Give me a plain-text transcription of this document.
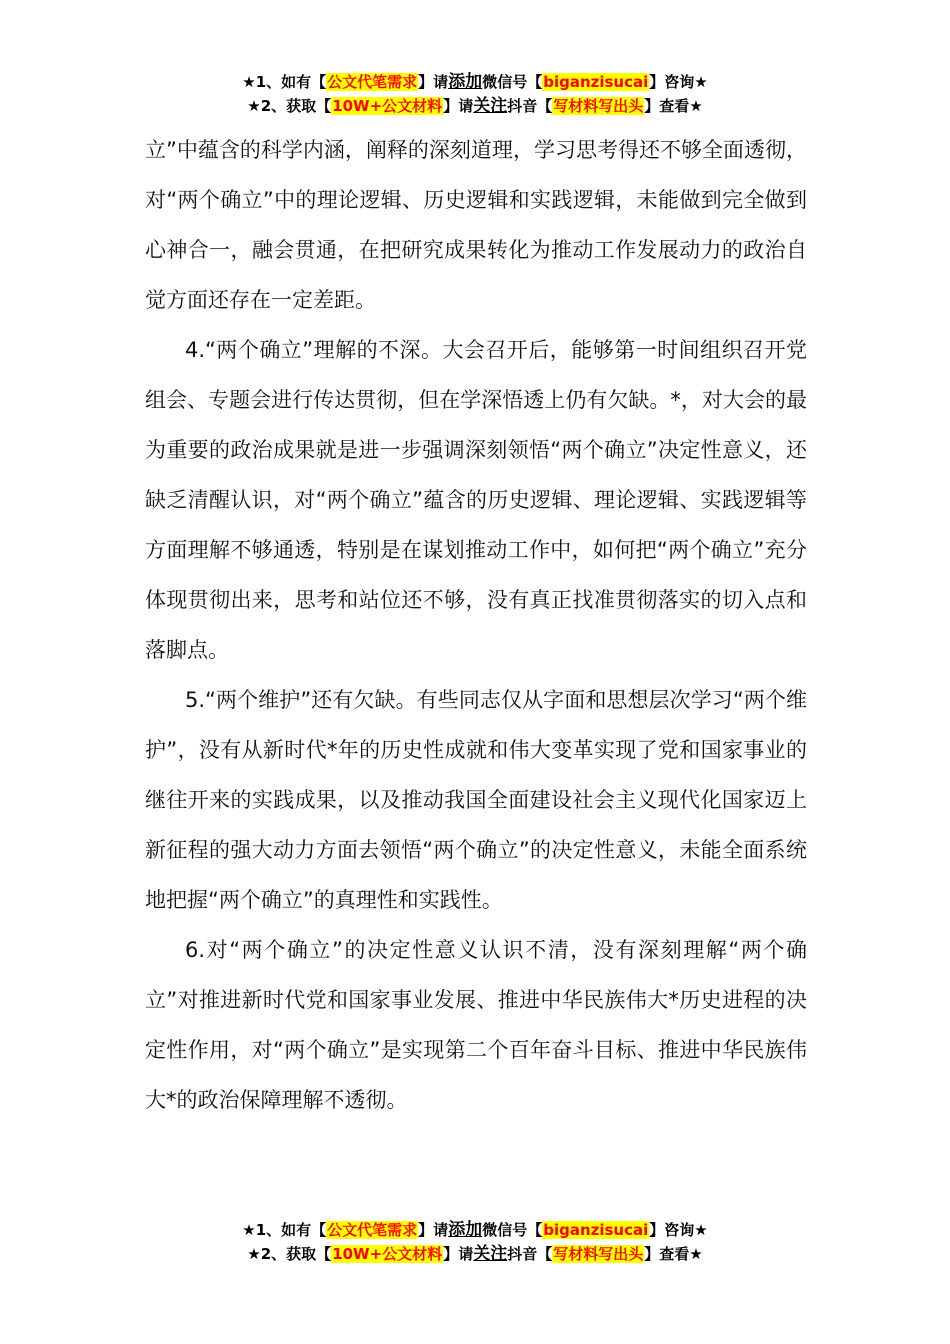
★1、如有【公文代笔需求】请添加微信号【biganzisucai】咨询★
★2、获取【10W+公文材料】请关注抖音【写材料写出头】查看★

立”中蕴含的科学内涵，阐释的深刻道理，学习思考得还不够全面透彻，对“两个确立”中的理论逻辑、历史逻辑和实践逻辑，未能做到完全做到心神合一，融会贯通，在把研究成果转化为推动工作发展动力的政治自觉方面还存在一定差距。

4.“两个确立”理解的不深。大会召开后，能够第一时间组织召开党组会、专题会进行传达贯彻，但在学深悟透上仍有欠缺。*，对大会的最为重要的政治成果就是进一步强调深刻领悟“两个确立”决定性意义，还缺乏清醒认识，对“两个确立”蕴含的历史逻辑、理论逻辑、实践逻辑等方面理解不够通透，特别是在谋划推动工作中，如何把“两个确立”充分体现贯彻出来，思考和站位还不够，没有真正找准贯彻落实的切入点和落脚点。

5.“两个维护”还有欠缺。有些同志仅从字面和思想层次学习“两个维护”，没有从新时代*年的历史性成就和伟大变革实现了党和国家事业的继往开来的实践成果，以及推动我国全面建设社会主义现代化国家迈上新征程的强大动力方面去领悟“两个确立”的决定性意义，未能全面系统地把握“两个确立”的真理性和实践性。

6.对“两个确立”的决定性意义认识不清，没有深刻理解“两个确立”对推进新时代党和国家事业发展、推进中华民族伟大*历史进程的决定性作用，对“两个确立”是实现第二个百年奋斗目标、推进中华民族伟大*的政治保障理解不透彻。

★1、如有【公文代笔需求】请添加微信号【biganzisucai】咨询★
★2、获取【10W+公文材料】请关注抖音【写材料写出头】查看★
